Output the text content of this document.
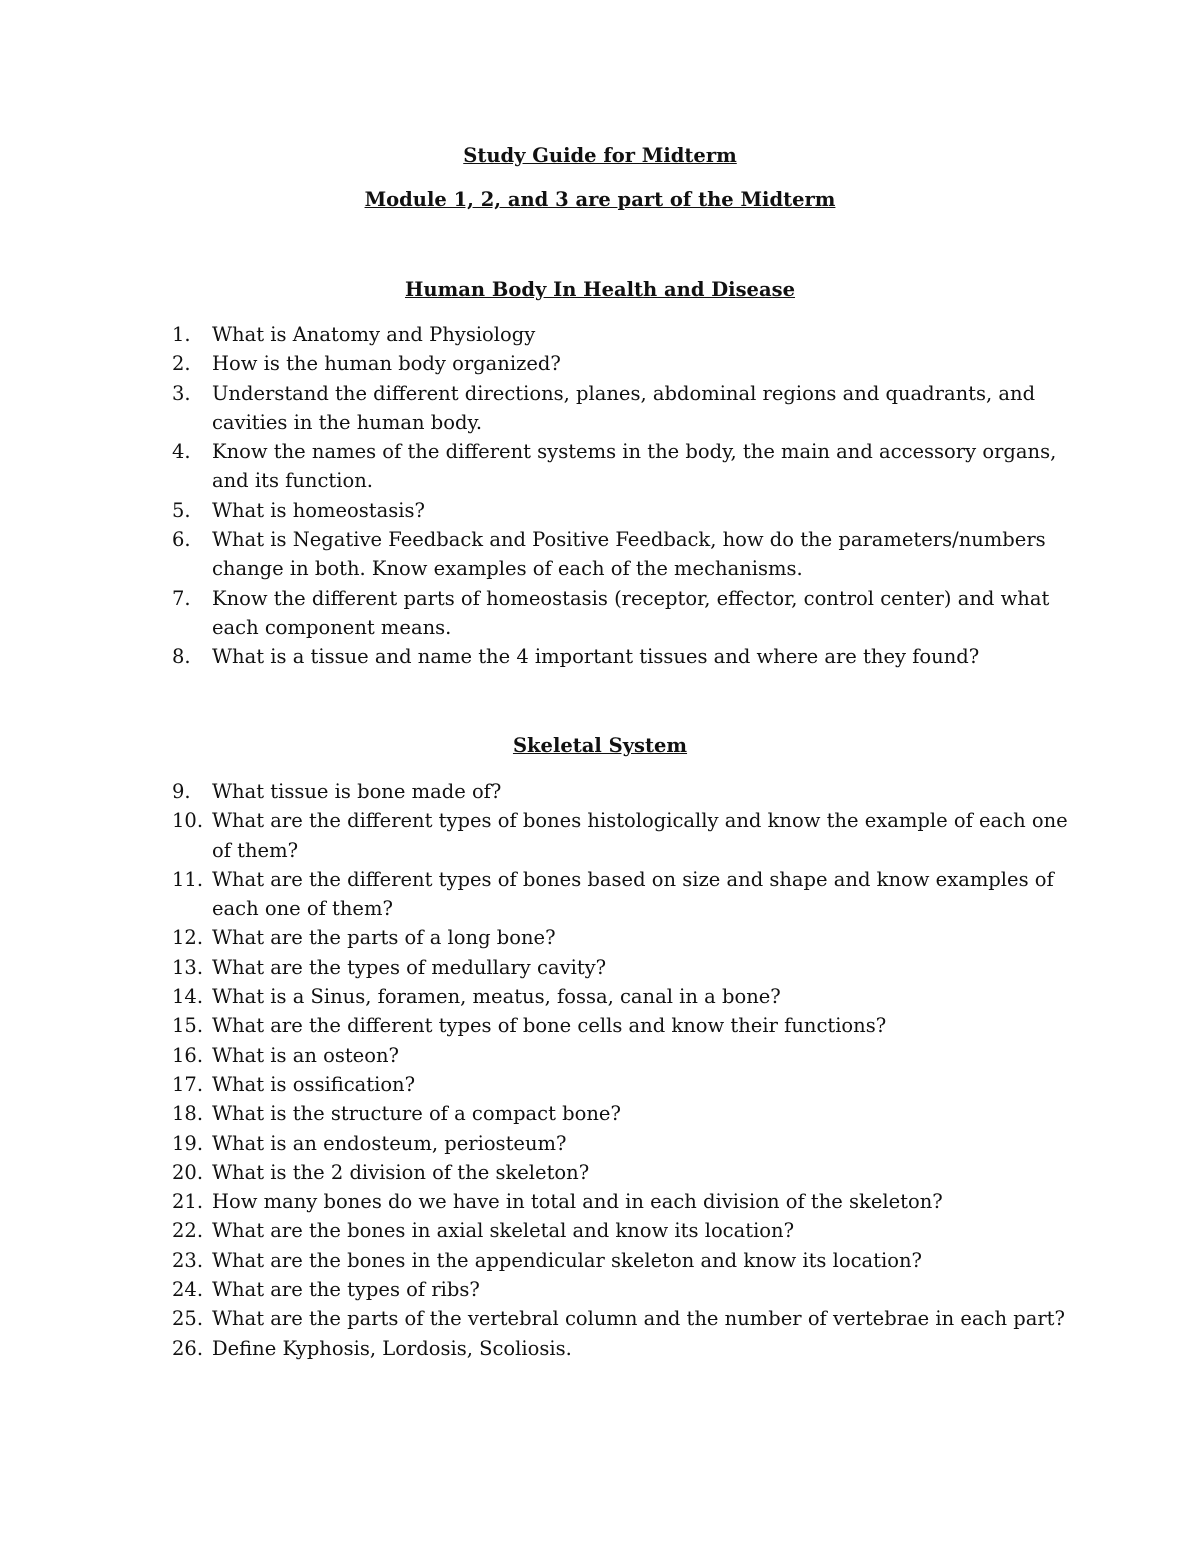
Study Guide for Midterm
Module 1, 2, and 3 are part of the Midterm
Human Body In Health and Disease
1.	What is Anatomy and Physiology
2.	How is the human body organized?
3.	Understand the different directions, planes, abdominal regions and quadrants, and cavities in the human body.
4.	Know the names of the different systems in the body, the main and accessory organs, and its function.
5.	What is homeostasis?
6.	What is Negative Feedback and Positive Feedback, how do the parameters/numbers change in both. Know examples of each of the mechanisms.
7.	Know the different parts of homeostasis (receptor, effector, control center) and what each component means.
8.	What is a tissue and name the 4 important tissues and where are they found?
Skeletal System
9.	What tissue is bone made of?
10. What are the different types of bones histologically and know the example of each one of them?
11. What are the different types of bones based on size and shape and know examples of each one of them?
12. What are the parts of a long bone?
13. What are the types of medullary cavity?
14. What is a Sinus, foramen, meatus, fossa, canal in a bone?
15. What are the different types of bone cells and know their functions?
16. What is an osteon?
17. What is ossification?
18. What is the structure of a compact bone?
19. What is an endosteum, periosteum?
20. What is the 2 division of the skeleton?
21. How many bones do we have in total and in each division of the skeleton?
22. What are the bones in axial skeletal and know its location?
23. What are the bones in the appendicular skeleton and know its location?
24. What are the types of ribs?
25. What are the parts of the vertebral column and the number of vertebrae in each part?
26. Define Kyphosis, Lordosis, Scoliosis.
